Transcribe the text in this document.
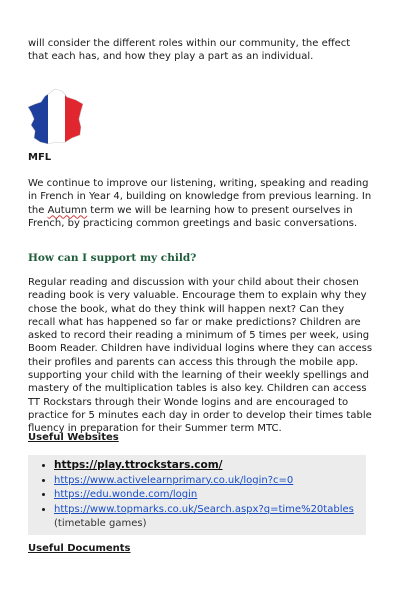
will consider the different roles within our community, the effect that each has, and how they play a part as an individual.

MFL

We continue to improve our listening, writing, speaking and reading in French in Year 4, building on knowledge from previous learning. In the Autumn term we will be learning how to present ourselves in French, by practicing common greetings and basic conversations.

How can I support my child?

Regular reading and discussion with your child about their chosen reading book is very valuable. Encourage them to explain why they chose the book, what do they think will happen next? Can they recall what has happened so far or make predictions? Children are asked to record their reading a minimum of 5 times per week, using Boom Reader. Children have individual logins where they can access their profiles and parents can access this through the mobile app. supporting your child with the learning of their weekly spellings and mastery of the multiplication tables is also key. Children can access TT Rockstars through their Wonde logins and are encouraged to practice for 5 minutes each day in order to develop their times table fluency in preparation for their Summer term MTC.

Useful Websites
• https://play.ttrockstars.com/
• https://www.activelearnprimary.co.uk/login?c=0
• https://edu.wonde.com/login
• https://www.topmarks.co.uk/Search.aspx?q=time%20tables
(timetable games)
Useful Documents
